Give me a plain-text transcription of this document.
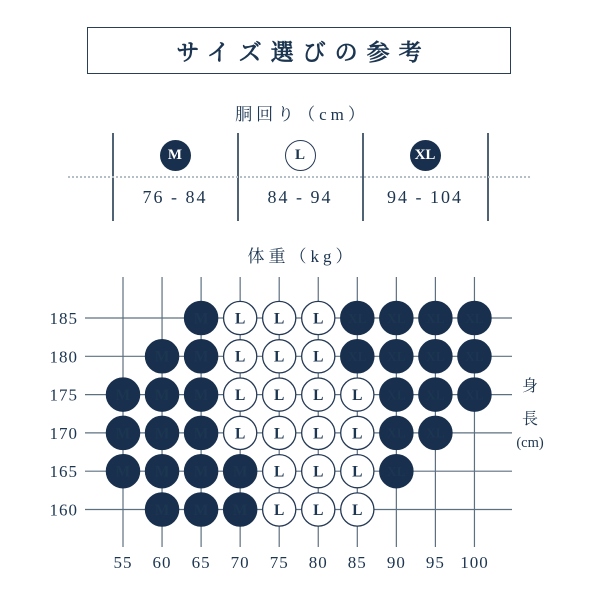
サイズ選びの参考
胴回り（cm）
M
76 - 84
L
84 - 94
XL
94 - 104
体重（kg）
55 60 65 70 75 80 85 90 95 100
185
180
175
170
165
160
M L L L XL XL XL XL
M M L L L XL XL XL XL
M M M L L L L XL XL XL
M M M L L L L XL XL
M M M M L L L XL
M M M L L L
身
長
(cm)
